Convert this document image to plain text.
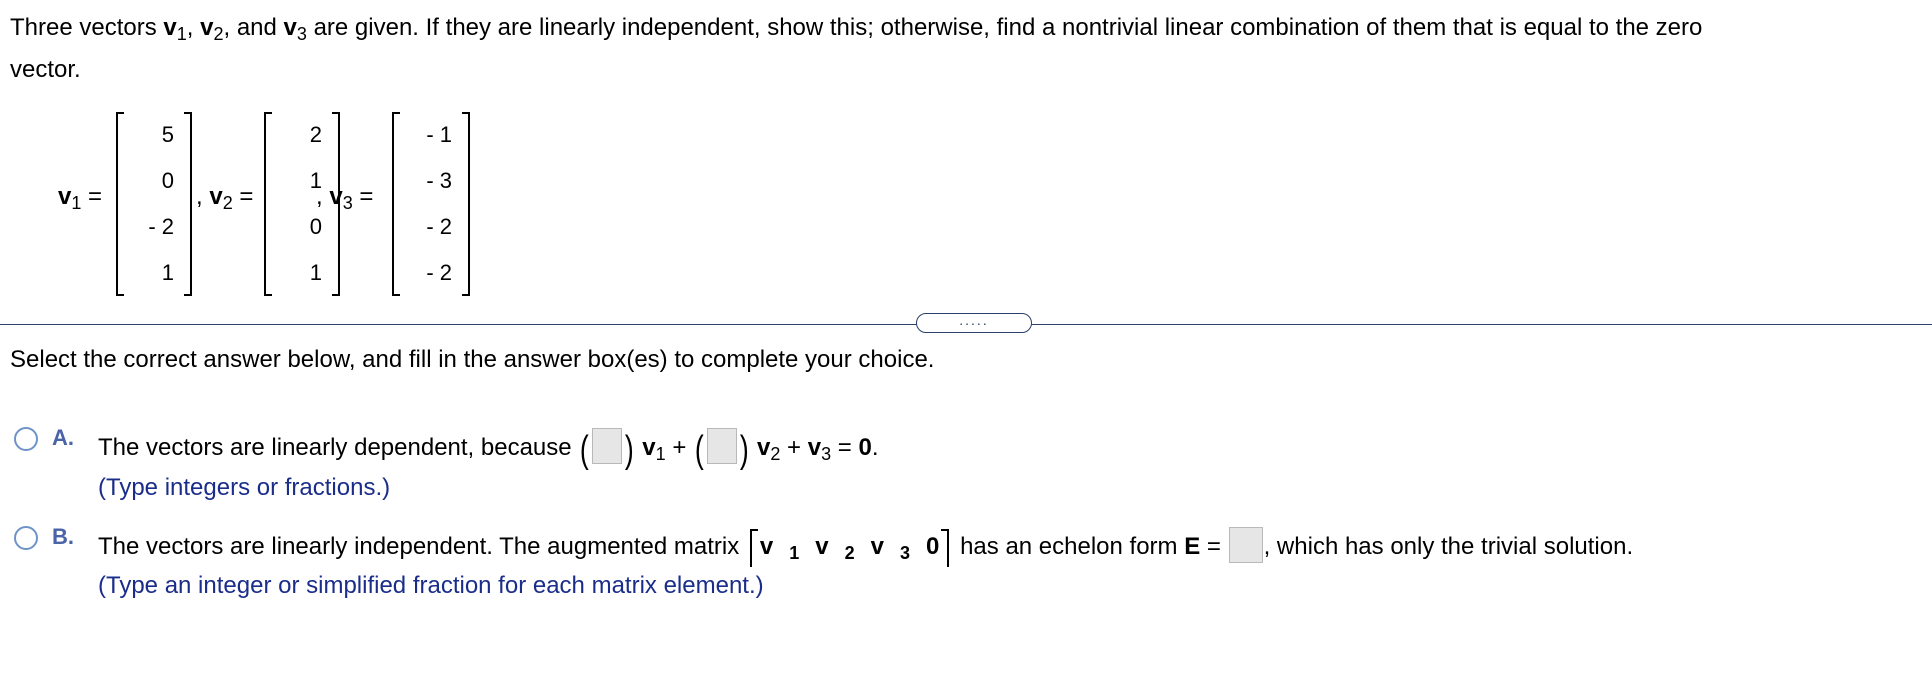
Three vectors $v_1$, $v_2$, and $v_3$ are given. If they are linearly independent, show this; otherwise, find a nontrivial linear combination of them that is equal to the zero
vector.
$v_1$ =
5
0
- 2
1
, $v_2$ =
2
1
0
1
, $v_3$ =
- 1
- 3
- 2
- 2
.....
Select the correct answer below, and fill in the answer box(es) to complete your choice.
A. The vectors are linearly dependent, because ( ) $v_1$ + ( ) $v_2 + v_3 = 0$.
(Type integers or fractions.)
B. The vectors are linearly independent. The augmented matrix v $_1$ v $_2$ v $_3$ 0 has an echelon form E = , which has only the trivial solution.
(Type an integer or simplified fraction for each matrix element.)
